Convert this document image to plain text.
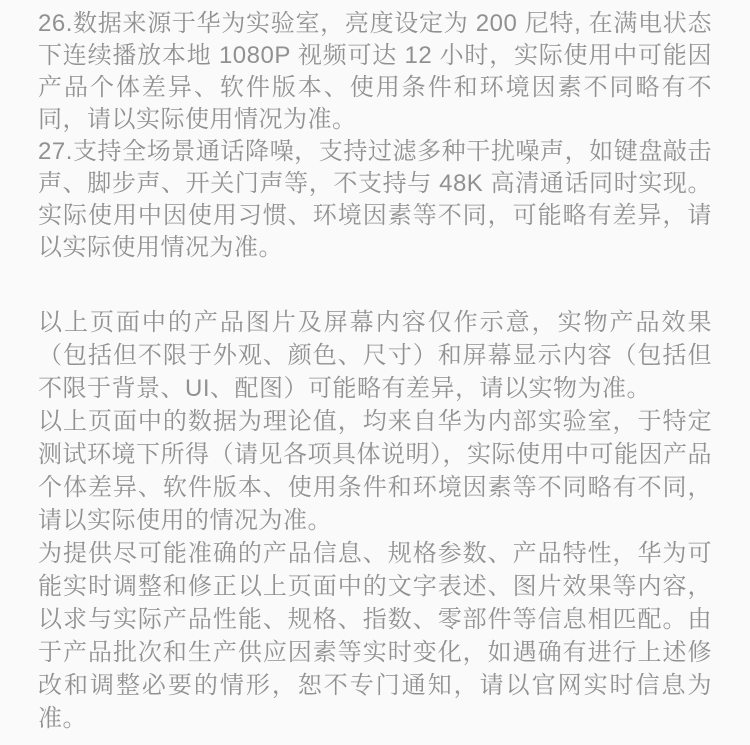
26.数据来源于华为实验室，亮度设定为 200 尼特, 在满电状态下连续播放本地 1080P 视频可达 12 小时，实际使用中可能因产品个体差异、软件版本、使用条件和环境因素不同略有不同，请以实际使用情况为准。

27.支持全场景通话降噪，支持过滤多种干扰噪声，如键盘敲击声、脚步声、开关门声等，不支持与 48K 高清通话同时实现。实际使用中因使用习惯、环境因素等不同，可能略有差异，请以实际使用情况为准。

以上页面中的产品图片及屏幕内容仅作示意，实物产品效果（包括但不限于外观、颜色、尺寸）和屏幕显示内容（包括但不限于背景、UI、配图）可能略有差异，请以实物为准。

以上页面中的数据为理论值，均来自华为内部实验室，于特定测试环境下所得（请见各项具体说明），实际使用中可能因产品个体差异、软件版本、使用条件和环境因素等不同略有不同，请以实际使用的情况为准。

为提供尽可能准确的产品信息、规格参数、产品特性，华为可能实时调整和修正以上页面中的文字表述、图片效果等内容，以求与实际产品性能、规格、指数、零部件等信息相匹配。由于产品批次和生产供应因素等实时变化，如遇确有进行上述修改和调整必要的情形，恕不专门通知，请以官网实时信息为准。
